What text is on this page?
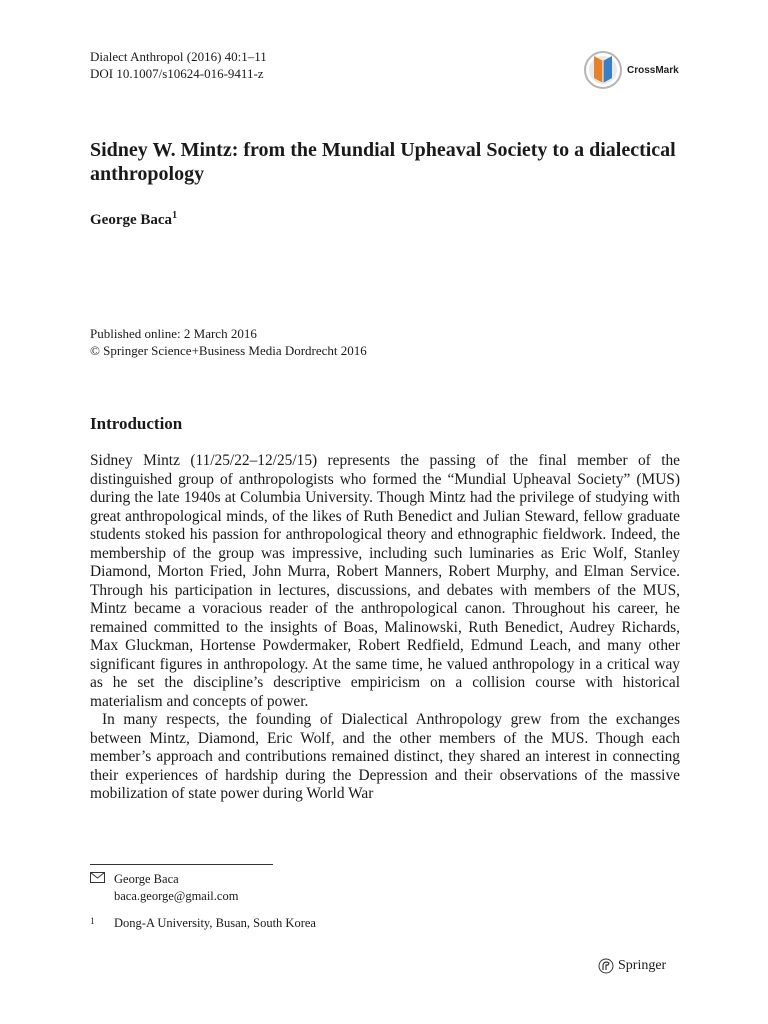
Dialect Anthropol (2016) 40:1–11
DOI 10.1007/s10624-016-9411-z	CrossMark
Sidney W. Mintz: from the Mundial Upheaval Society to a dialectical anthropology
George Baca$^1$
Published online: 2 March 2016
© Springer Science+Business Media Dordrecht 2016
Introduction

Sidney Mintz (11/25/22–12/25/15) represents the passing of the final member of the distinguished group of anthropologists who formed the “Mundial Upheaval Society” (MUS) during the late 1940s at Columbia University. Though Mintz had the privilege of studying with great anthropological minds, of the likes of Ruth Benedict and Julian Steward, fellow graduate students stoked his passion for anthropological theory and ethnographic fieldwork. Indeed, the membership of the group was impressive, including such luminaries as Eric Wolf, Stanley Diamond, Morton Fried, John Murra, Robert Manners, Robert Murphy, and Elman Service. Through his participation in lectures, discussions, and debates with members of the MUS, Mintz became a voracious reader of the anthropological canon. Throughout his career, he remained committed to the insights of Boas, Malinowski, Ruth Benedict, Audrey Richards, Max Gluckman, Hortense Powdermaker, Robert Redfield, Edmund Leach, and many other significant figures in anthropology. At the same time, he valued anthropology in a critical way as he set the discipline’s descriptive empiricism on a collision course with historical materialism and concepts of power.

In many respects, the founding of Dialectical Anthropology grew from the exchanges between Mintz, Diamond, Eric Wolf, and the other members of the MUS. Though each member’s approach and contributions remained distinct, they shared an interest in connecting their experiences of hardship during the Depression and their observations of the massive mobilization of state power during World War

George Baca
baca.george@gmail.com
1 Dong-A University, Busan, South Korea
Springer
